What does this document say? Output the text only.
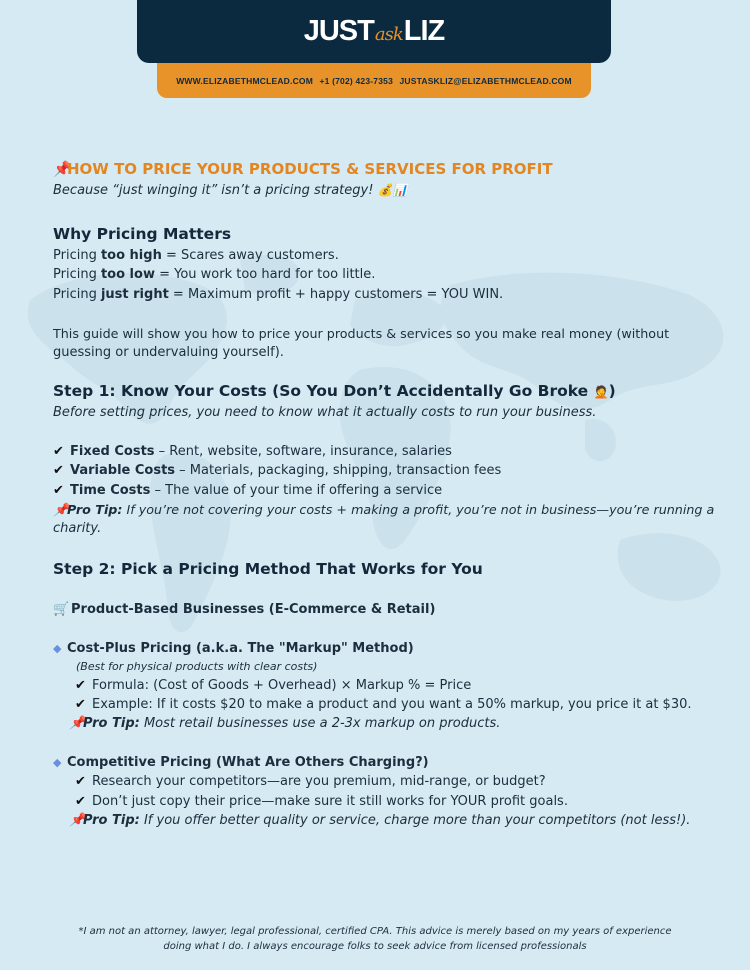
JUSTaskLIZ
WWW.ELIZABETHMCLEAD.COM +1 (702) 423-7353 JUSTASKLIZ@ELIZABETHMCLEAD.COM
📌HOW TO PRICE YOUR PRODUCTS & SERVICES FOR PROFIT
Because “just winging it” isn’t a pricing strategy! 💰📊
Why Pricing Matters
Pricing too high = Scares away customers.
Pricing too low = You work too hard for too little.
Pricing just right = Maximum profit + happy customers = YOU WIN.
This guide will show you how to price your products & services so you make real money (without
guessing or undervaluing yourself).
Step 1: Know Your Costs (So You Don’t Accidentally Go Broke 🤦)
Before setting prices, you need to know what it actually costs to run your business.
✔ Fixed Costs – Rent, website, software, insurance, salaries
✔ Variable Costs – Materials, packaging, shipping, transaction fees
✔ Time Costs – The value of your time if offering a service
📌Pro Tip: If you’re not covering your costs + making a profit, you’re not in business—you’re running a
charity.
Step 2: Pick a Pricing Method That Works for You
🛒 Product-Based Businesses (E-Commerce & Retail)
◆ Cost-Plus Pricing (a.k.a. The "Markup" Method)
(Best for physical products with clear costs)
✔ Formula: (Cost of Goods + Overhead) × Markup % = Price
✔ Example: If it costs $20 to make a product and you want a 50% markup, you price it at $30.
📌Pro Tip: Most retail businesses use a 2-3x markup on products.
◆ Competitive Pricing (What Are Others Charging?)
✔ Research your competitors—are you premium, mid-range, or budget?
✔ Don’t just copy their price—make sure it still works for YOUR profit goals.
📌Pro Tip: If you offer better quality or service, charge more than your competitors (not less!).
*I am not an attorney, lawyer, legal professional, certified CPA. This advice is merely based on my years of experience
doing what I do. I always encourage folks to seek advice from licensed professionals
